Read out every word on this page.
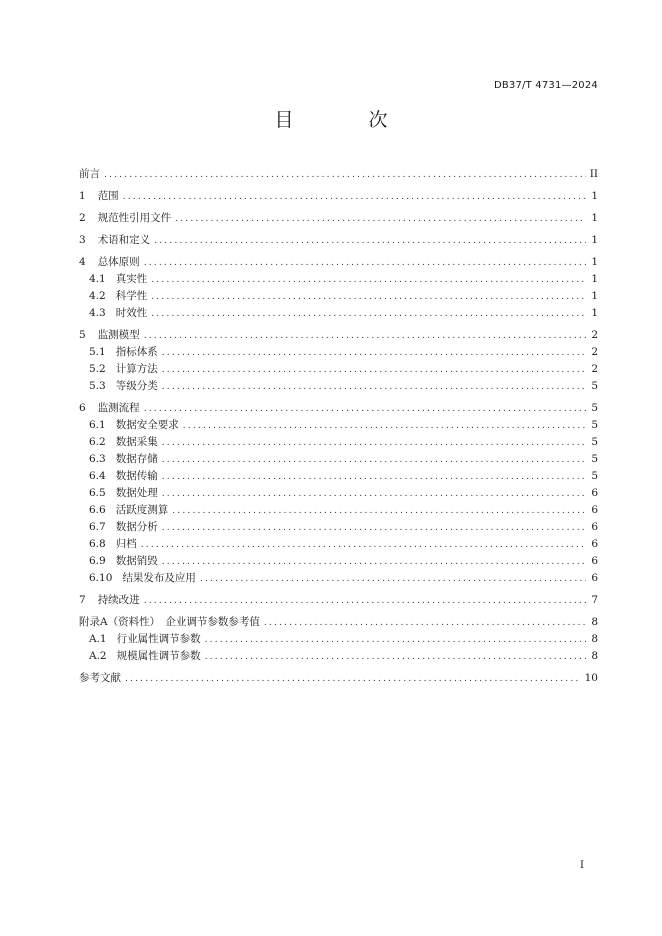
DB37/T 4731—2024
目　次
前言 .....	II
1 范围 .....	1
2 规范性引用文件 .....	1
3 术语和定义 .....	1
4 总体原则 .....	1
4.1 真实性 .....	1
4.2 科学性 .....	1
4.3 时效性 .....	1
5 监测模型 .....	2
5.1 指标体系 .....	2
5.2 计算方法 .....	2
5.3 等级分类 .....	5
6 监测流程 .....	5
6.1 数据安全要求 .....	5
6.2 数据采集 .....	5
6.3 数据存储 .....	5
6.4 数据传输 .....	5
6.5 数据处理 .....	6
6.6 活跃度测算 .....	6
6.7 数据分析 .....	6
6.8 归档 .....	6
6.9 数据销毁 .....	6
6.10 结果发布及应用 .....	6
7 持续改进 .....	7
附录A（资料性）　企业调节参数参考值 .....	8
A.1 行业属性调节参数 .....	8
A.2 规模属性调节参数 .....	8
参考文献 .....	10
I
